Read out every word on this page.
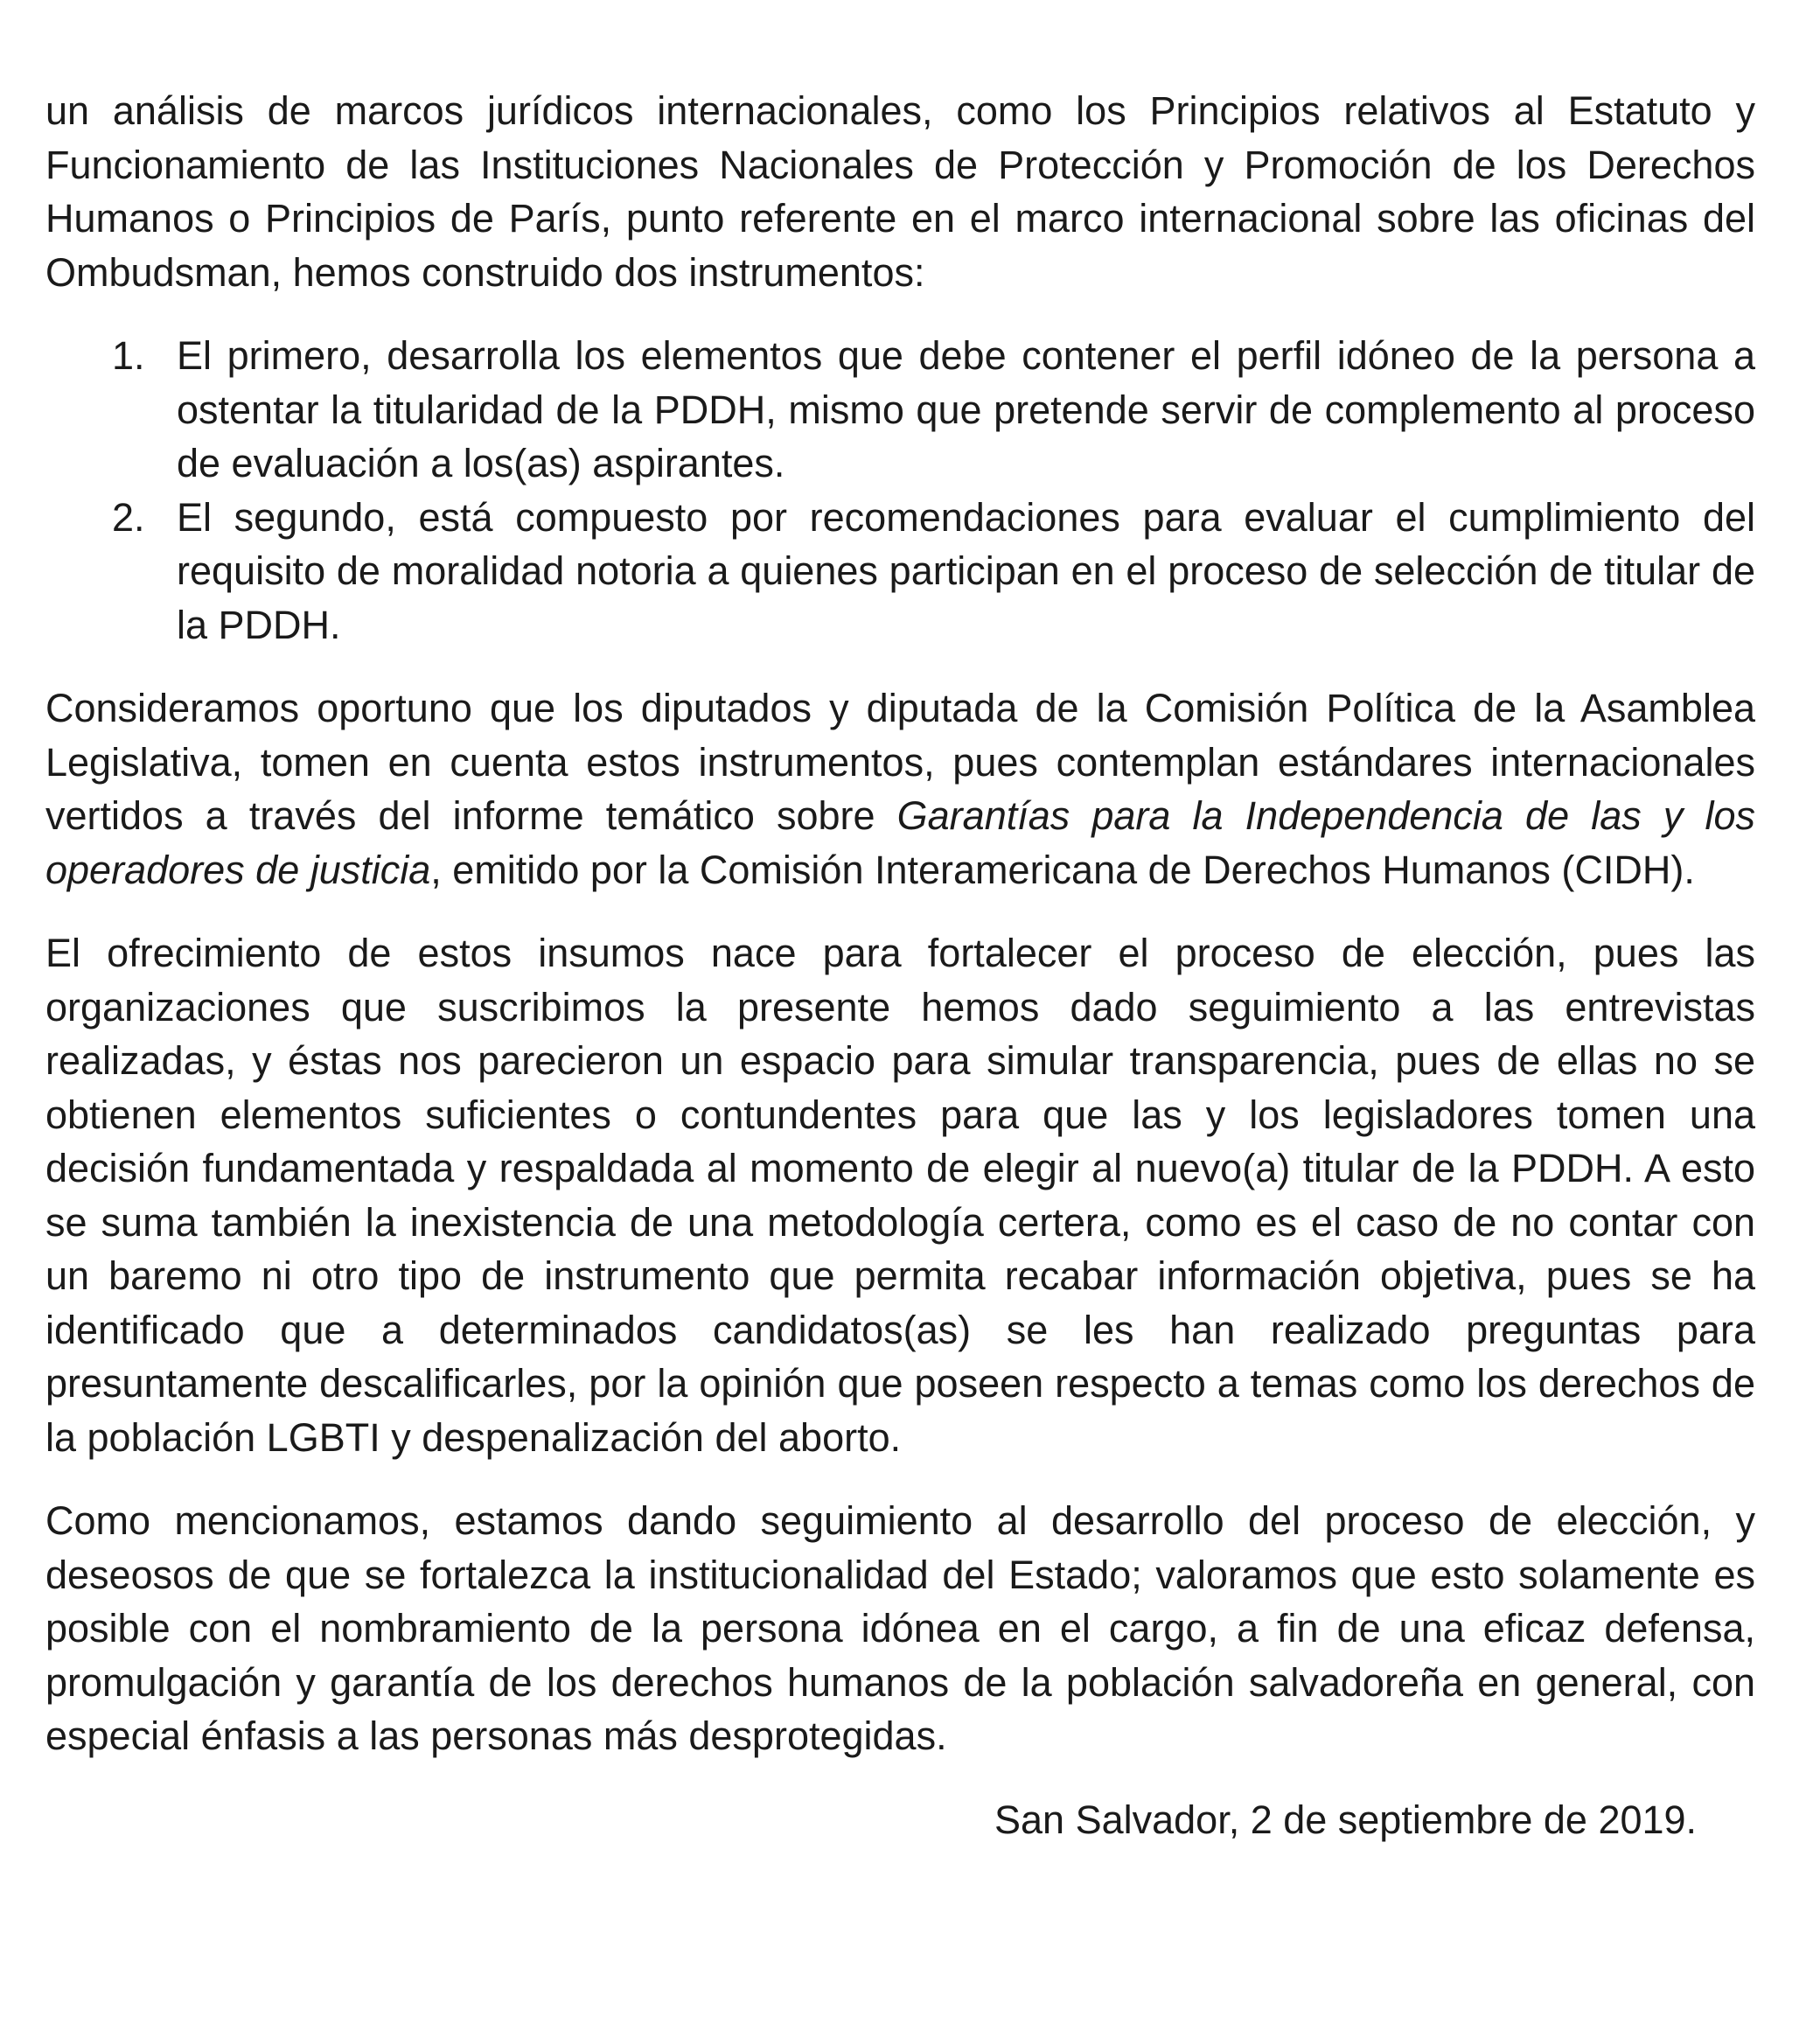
un análisis de marcos jurídicos internacionales, como los Principios relativos al Estatuto y Funcionamiento de las Instituciones Nacionales de Protección y Promoción de los Derechos Humanos o Principios de París, punto referente en el marco internacional sobre las oficinas del Ombudsman, hemos construido dos instrumentos:

1. El primero, desarrolla los elementos que debe contener el perfil idóneo de la persona a ostentar la titularidad de la PDDH, mismo que pretende servir de complemento al proceso de evaluación a los(as) aspirantes.
2. El segundo, está compuesto por recomendaciones para evaluar el cumplimiento del requisito de moralidad notoria a quienes participan en el proceso de selección de titular de la PDDH.

Consideramos oportuno que los diputados y diputada de la Comisión Política de la Asamblea Legislativa, tomen en cuenta estos instrumentos, pues contemplan estándares internacionales vertidos a través del informe temático sobre Garantías para la Independencia de las y los operadores de justicia, emitido por la Comisión Interamericana de Derechos Humanos (CIDH).

El ofrecimiento de estos insumos nace para fortalecer el proceso de elección, pues las organizaciones que suscribimos la presente hemos dado seguimiento a las entrevistas realizadas, y éstas nos parecieron un espacio para simular transparencia, pues de ellas no se obtienen elementos suficientes o contundentes para que las y los legisladores tomen una decisión fundamentada y respaldada al momento de elegir al nuevo(a) titular de la PDDH. A esto se suma también la inexistencia de una metodología certera, como es el caso de no contar con un baremo ni otro tipo de instrumento que permita recabar información objetiva, pues se ha identificado que a determinados candidatos(as) se les han realizado preguntas para presuntamente descalificarles, por la opinión que poseen respecto a temas como los derechos de la población LGBTI y despenalización del aborto.

Como mencionamos, estamos dando seguimiento al desarrollo del proceso de elección, y deseosos de que se fortalezca la institucionalidad del Estado; valoramos que esto solamente es posible con el nombramiento de la persona idónea en el cargo, a fin de una eficaz defensa, promulgación y garantía de los derechos humanos de la población salvadoreña en general, con especial énfasis a las personas más desprotegidas.

San Salvador, 2 de septiembre de 2019.
